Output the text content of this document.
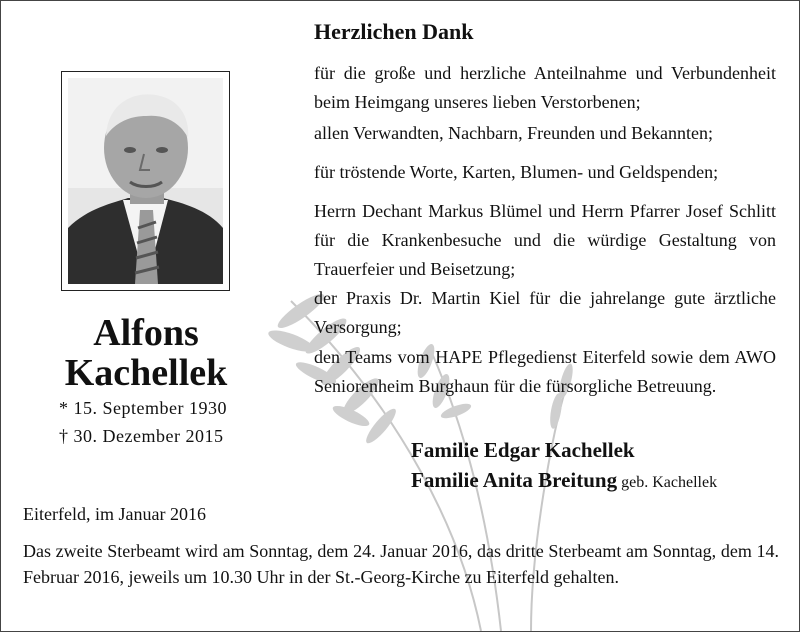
Alfons
Kachellek
* 15. September 1930
† 30. Dezember 2015
Herzlichen Dank
für die große und herzliche Anteilnahme und Verbundenheit beim Heimgang unseres lieben Verstorbenen;
allen Verwandten, Nachbarn, Freunden und Bekannten;
für tröstende Worte, Karten, Blumen- und Geldspenden;
Herrn Dechant Markus Blümel und Herrn Pfarrer Josef Schlitt für die Krankenbesuche und die würdige Gestaltung von Trauerfeier und Beisetzung;
der Praxis Dr. Martin Kiel für die jahrelange gute ärztliche Versorgung;
den Teams vom HAPE Pflegedienst Eiterfeld sowie dem AWO Seniorenheim Burghaun für die fürsorgliche Betreuung.
Familie Edgar Kachellek
Familie Anita Breitung geb. Kachellek
Eiterfeld, im Januar 2016
Das zweite Sterbeamt wird am Sonntag, dem 24. Januar 2016, das dritte Sterbeamt am Sonntag, dem 14. Februar 2016, jeweils um 10.30 Uhr in der St.-Georg-Kirche zu Eiterfeld gehalten.
